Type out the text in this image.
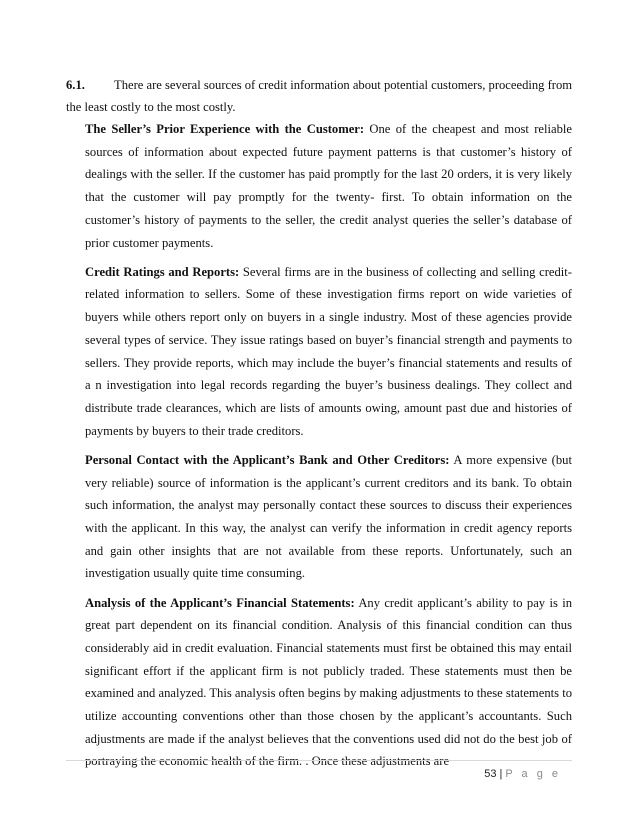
6.1. There are several sources of credit information about potential customers, proceeding from
the least costly to the most costly.

The Seller’s Prior Experience with the Customer: One of the cheapest and most reliable sources of information about expected future payment patterns is that customer’s history of dealings with the seller. If the customer has paid promptly for the last 20 orders, it is very likely that the customer will pay promptly for the twenty- first. To obtain information on the customer’s history of payments to the seller, the credit analyst queries the seller’s database of prior customer payments.

Credit Ratings and Reports: Several firms are in the business of collecting and selling credit-related information to sellers. Some of these investigation firms report on wide varieties of buyers while others report only on buyers in a single industry. Most of these agencies provide several types of service. They issue ratings based on buyer’s financial strength and payments to sellers. They provide reports, which may include the buyer’s financial statements and results of a n investigation into legal records regarding the buyer’s business dealings. They collect and distribute trade clearances, which are lists of amounts owing, amount past due and histories of payments by buyers to their trade creditors.

Personal Contact with the Applicant’s Bank and Other Creditors: A more expensive (but very reliable) source of information is the applicant’s current creditors and its bank. To obtain such information, the analyst may personally contact these sources to discuss their experiences with the applicant. In this way, the analyst can verify the information in credit agency reports and gain other insights that are not available from these reports. Unfortunately, such an investigation usually quite time consuming.

Analysis of the Applicant’s Financial Statements: Any credit applicant’s ability to pay is in great part dependent on its financial condition. Analysis of this financial condition can thus considerably aid in credit evaluation. Financial statements must first be obtained this may entail significant effort if the applicant firm is not publicly traded. These statements must then be examined and analyzed. This analysis often begins by making adjustments to these statements to utilize accounting conventions other than those chosen by the applicant’s accountants. Such adjustments are made if the analyst believes that the conventions used did not do the best job of portraying the economic health of the firm. . Once these adjustments are

53 | P a g e
